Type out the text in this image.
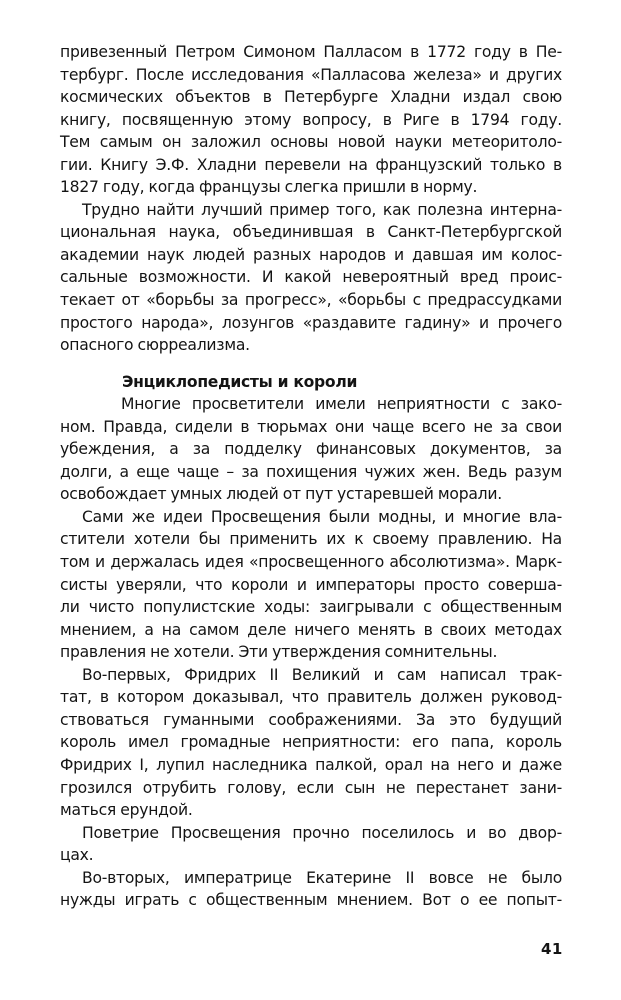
привезенный Петром Симоном Палласом в 1772 году в Пе-
тербург. После исследования «Палласова железа» и других
космических объектов в Петербурге Хладни издал свою
книгу, посвященную этому вопросу, в Риге в 1794 году.
Тем самым он заложил основы новой науки метеоритоло-
гии. Книгу Э.Ф. Хладни перевели на французский только в
1827 году, когда французы слегка пришли в норму.

Трудно найти лучший пример того, как полезна интерна-
циональная наука, объединившая в Санкт-Петербургской
академии наук людей разных народов и давшая им колос-
сальные возможности. И какой невероятный вред проис-
текает от «борьбы за прогресс», «борьбы с предрассудками
простого народа», лозунгов «раздавите гадину» и прочего
опасного сюрреализма.

Энциклопедисты и короли

Многие просветители имели неприятности с зако-
ном. Правда, сидели в тюрьмах они чаще всего не за свои
убеждения, а за подделку финансовых документов, за
долги, а еще чаще – за похищения чужих жен. Ведь разум
освобождает умных людей от пут устаревшей морали.

Сами же идеи Просвещения были модны, и многие вла-
стители хотели бы применить их к своему правлению. На
том и держалась идея «просвещенного абсолютизма». Марк-
систы уверяли, что короли и императоры просто соверша-
ли чисто популистские ходы: заигрывали с общественным
мнением, а на самом деле ничего менять в своих методах
правления не хотели. Эти утверждения сомнительны.

Во-первых, Фридрих II Великий и сам написал трак-
тат, в котором доказывал, что правитель должен руковод-
ствоваться гуманными соображениями. За это будущий
король имел громадные неприятности: его папа, король
Фридрих I, лупил наследника палкой, орал на него и даже
грозился отрубить голову, если сын не перестанет зани-
маться ерундой.

Поветрие Просвещения прочно поселилось и во двор-
цах.

Во-вторых, императрице Екатерине II вовсе не было
нужды играть с общественным мнением. Вот о ее попыт-

41
